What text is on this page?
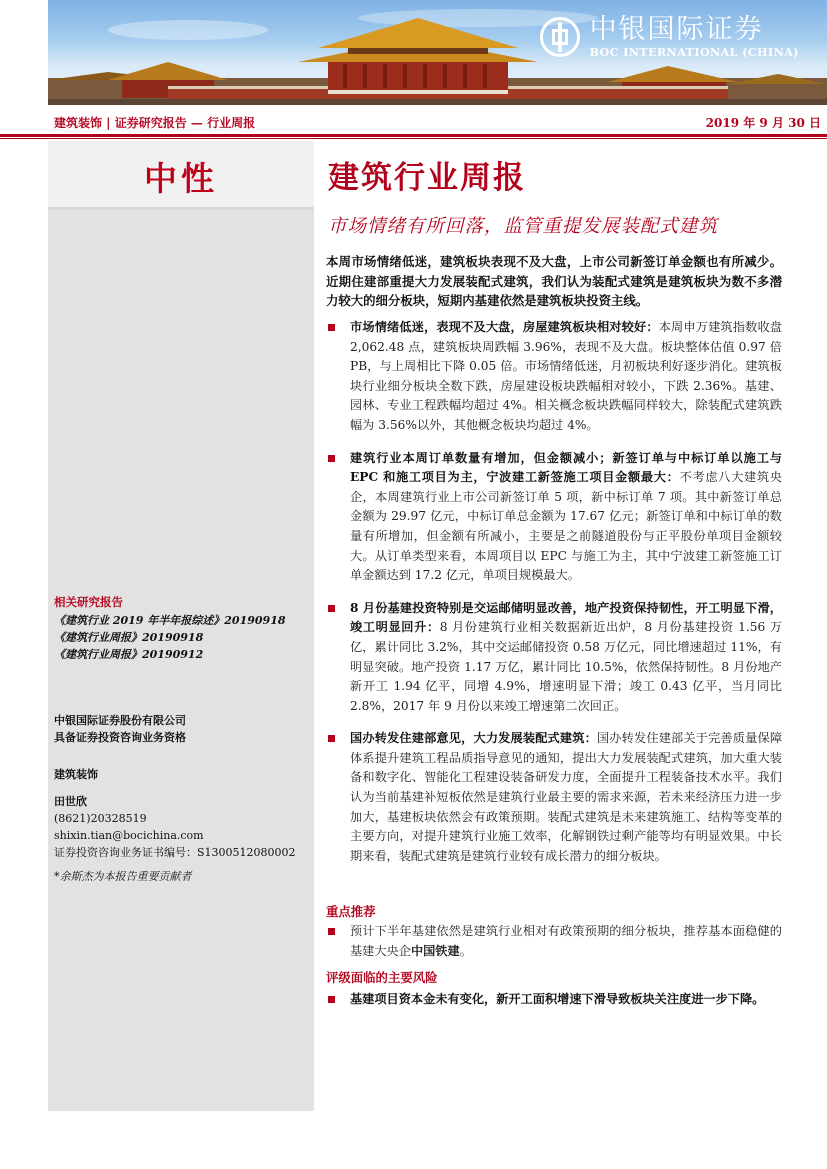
中银国际证券
BOC INTERNATIONAL (CHINA)
建筑装饰 | 证券研究报告 — 行业周报	2019 年 9 月 30 日
中性
相关研究报告
《建筑行业 2019 年半年报综述》20190918
《建筑行业周报》20190918
《建筑行业周报》20190912
中银国际证券股份有限公司
具备证券投资咨询业务资格
建筑装饰
田世欣
(8621)20328519
shixin.tian@bocichina.com
证券投资咨询业务证书编号：S1300512080002
*余斯杰为本报告重要贡献者
建筑行业周报
市场情绪有所回落，监管重提发展装配式建筑
本周市场情绪低迷，建筑板块表现不及大盘，上市公司新签订单金额也有所减少。近期住建部重提大力发展装配式建筑，我们认为装配式建筑是建筑板块为数不多潜力较大的细分板块，短期内基建依然是建筑板块投资主线。
市场情绪低迷，表现不及大盘，房屋建筑板块相对较好：本周申万建筑指数收盘 2,062.48 点，建筑板块周跌幅 3.96%，表现不及大盘。板块整体估值 0.97 倍 PB，与上周相比下降 0.05 倍。市场情绪低迷，月初板块利好逐步消化。建筑板块行业细分板块全数下跌，房屋建设板块跌幅相对较小，下跌 2.36%。基建、园林、专业工程跌幅均超过 4%。相关概念板块跌幅同样较大，除装配式建筑跌幅为 3.56%以外，其他概念板块均超过 4%。
建筑行业本周订单数量有增加，但金额减小；新签订单与中标订单以施工与 EPC 和施工项目为主，宁波建工新签施工项目金额最大：不考虑八大建筑央企，本周建筑行业上市公司新签订单 5 项，新中标订单 7 项。其中新签订单总金额为 29.97 亿元，中标订单总金额为 17.67 亿元；新签订单和中标订单的数量有所增加，但金额有所减小，主要是之前隧道股份与正平股份单项目金额较大。从订单类型来看，本周项目以 EPC 与施工为主，其中宁波建工新签施工订单金额达到 17.2 亿元，单项目规模最大。
8 月份基建投资特别是交运邮储明显改善，地产投资保持韧性，开工明显下滑，竣工明显回升：8 月份建筑行业相关数据新近出炉，8 月份基建投资 1.56 万亿，累计同比 3.2%，其中交运邮储投资 0.58 万亿元，同比增速超过 11%，有明显突破。地产投资 1.17 万亿，累计同比 10.5%，依然保持韧性。8 月份地产新开工 1.94 亿平，同增 4.9%，增速明显下滑；竣工 0.43 亿平，当月同比 2.8%，2017 年 9 月份以来竣工增速第二次回正。
国办转发住建部意见，大力发展装配式建筑：国办转发住建部关于完善质量保障体系提升建筑工程品质指导意见的通知，提出大力发展装配式建筑，加大重大装备和数字化、智能化工程建设装备研发力度，全面提升工程装备技术水平。我们认为当前基建补短板依然是建筑行业最主要的需求来源，若未来经济压力进一步加大，基建板块依然会有政策预期。装配式建筑是未来建筑施工、结构等变革的主要方向，对提升建筑行业施工效率，化解钢铁过剩产能等均有明显效果。中长期来看，装配式建筑是建筑行业较有成长潜力的细分板块。
重点推荐
预计下半年基建依然是建筑行业相对有政策预期的细分板块，推荐基本面稳健的基建大央企中国铁建。
评级面临的主要风险
基建项目资本金未有变化，新开工面积增速下滑导致板块关注度进一步下降。
